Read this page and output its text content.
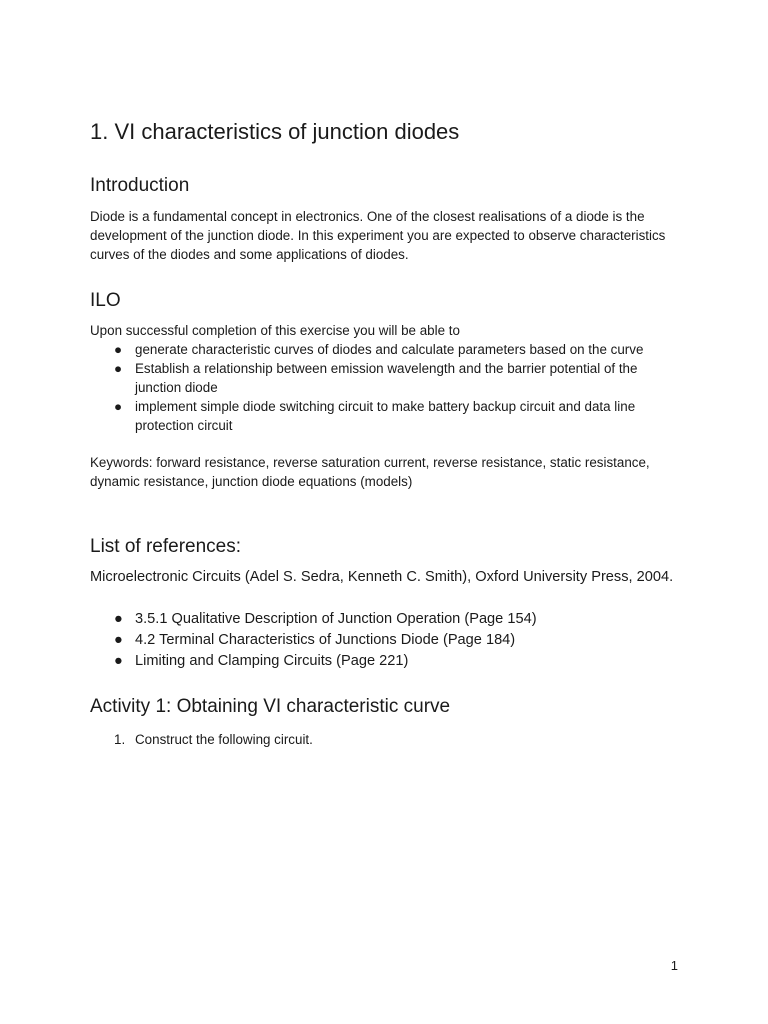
1. VI characteristics of junction diodes
Introduction

Diode is a fundamental concept in electronics. One of the closest realisations of a diode is the development of the junction diode. In this experiment you are expected to observe characteristics curves of the diodes and some applications of diodes.

ILO

Upon successful completion of this exercise you will be able to

● generate characteristic curves of diodes and calculate parameters based on the curve
● Establish a relationship between emission wavelength and the barrier potential of the junction diode
● implement simple diode switching circuit to make battery backup circuit and data line protection circuit

Keywords: forward resistance, reverse saturation current, reverse resistance, static resistance, dynamic resistance, junction diode equations (models)

List of references:

Microelectronic Circuits (Adel S. Sedra, Kenneth C. Smith), Oxford University Press, 2004.

● 3.5.1 Qualitative Description of Junction Operation (Page 154)
● 4.2 Terminal Characteristics of Junctions Diode (Page 184)
● Limiting and Clamping Circuits (Page 221)
Activity 1: Obtaining VI characteristic curve
1. Construct the following circuit.
1
